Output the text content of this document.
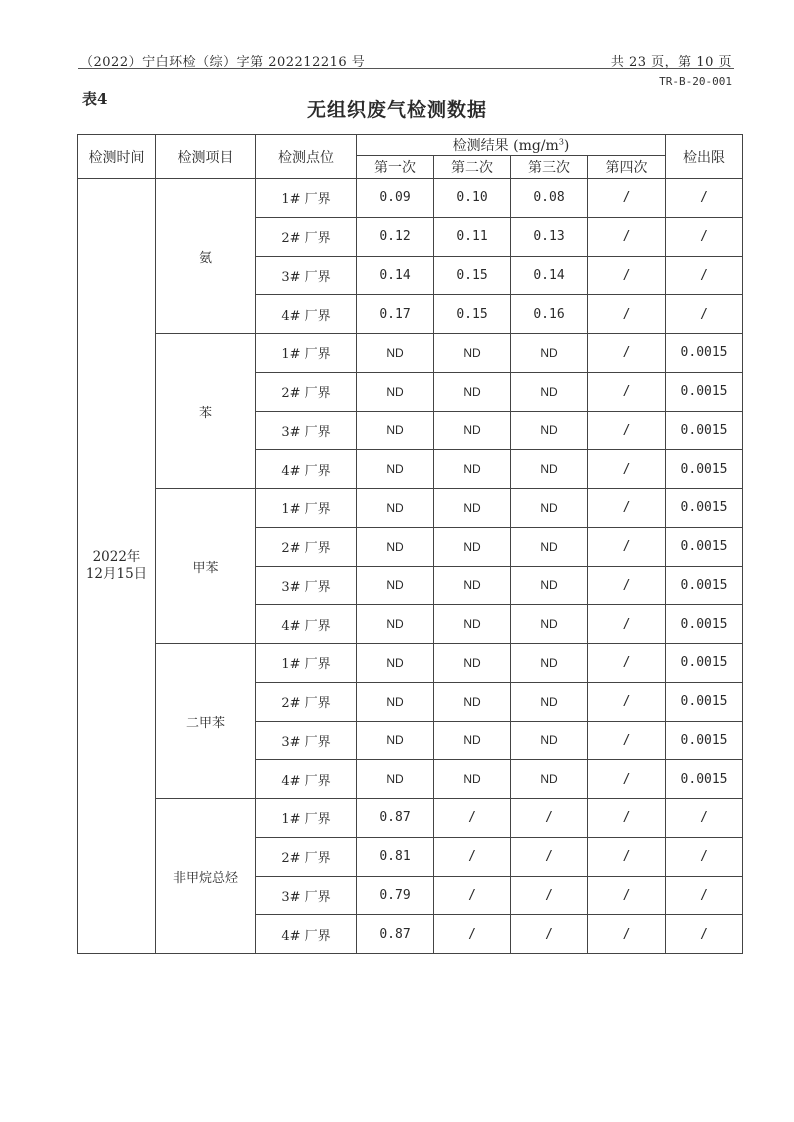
（2022）宁白环检（综）字第 202212216 号	共 23 页，第 10 页
TR-B-20-001
表4	无组织废气检测数据
检测时间	检测项目	检测点位	检测结果 $(mg/m^3)$				检出限
			第一次	第二次	第三次	第四次	

2022年
12月15日	氨	1# 厂界	0.09	0.10	0.08	/	/
		2# 厂界	0.12	0.11	0.13	/	/
		3# 厂界	0.14	0.15	0.14	/	/
		4# 厂界	0.17	0.15	0.16	/	/
	苯	1# 厂界	ND	ND	ND	/	0.0015
		2# 厂界	ND	ND	ND	/	0.0015
		3# 厂界	ND	ND	ND	/	0.0015
		4# 厂界	ND	ND	ND	/	0.0015
	甲苯	1# 厂界	ND	ND	ND	/	0.0015
		2# 厂界	ND	ND	ND	/	0.0015
		3# 厂界	ND	ND	ND	/	0.0015
		4# 厂界	ND	ND	ND	/	0.0015
	二甲苯	1# 厂界	ND	ND	ND	/	0.0015
		2# 厂界	ND	ND	ND	/	0.0015
		3# 厂界	ND	ND	ND	/	0.0015
		4# 厂界	ND	ND	ND	/	0.0015
	非甲烷总烃	1# 厂界	0.87	/	/	/	/
		2# 厂界	0.81	/	/	/	/
		3# 厂界	0.79	/	/	/	/
		4# 厂界	0.87	/	/	/	/
